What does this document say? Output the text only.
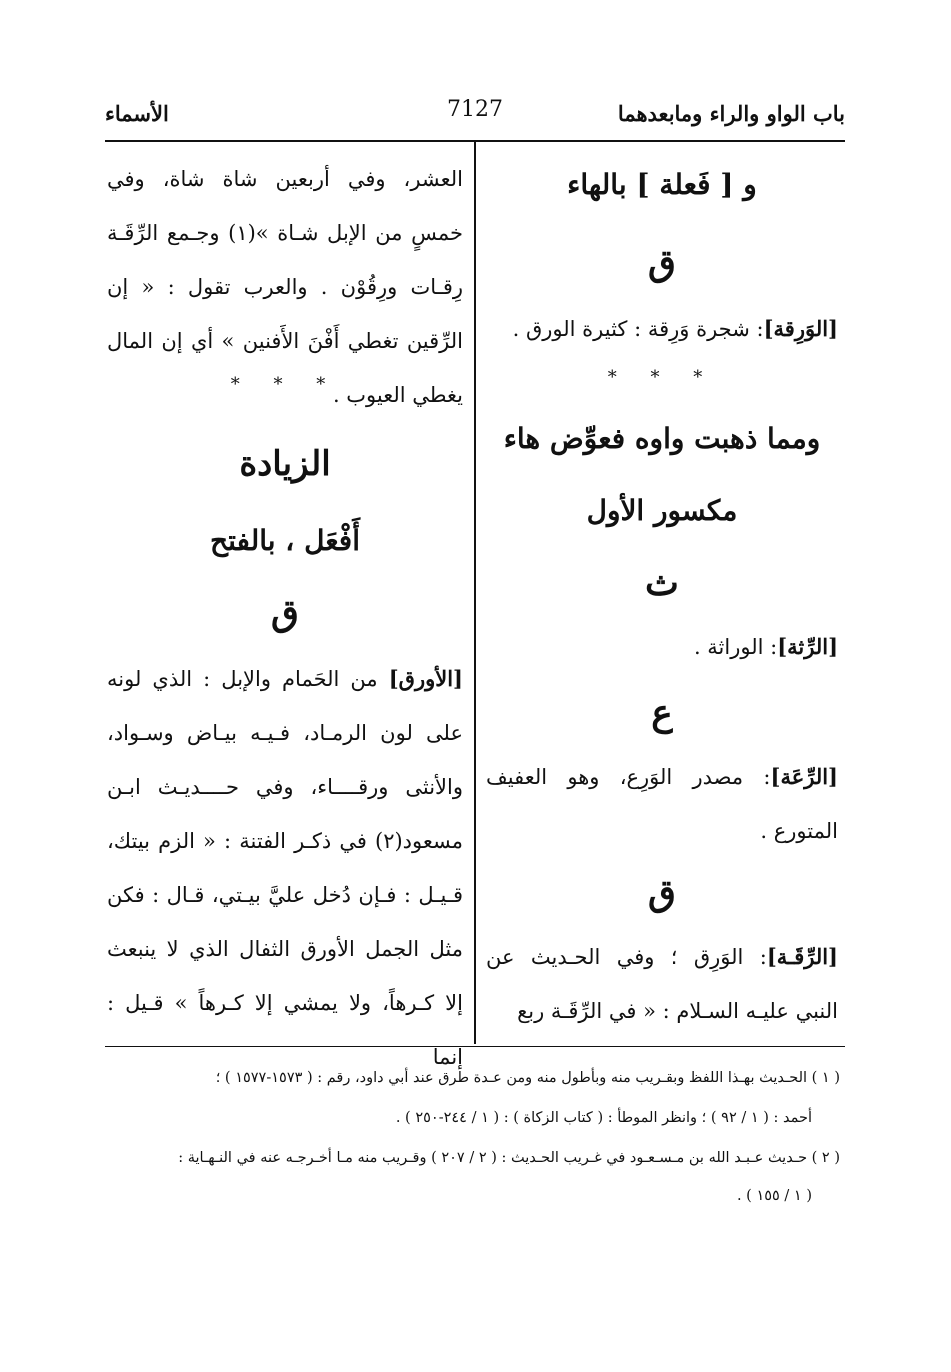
باب الواو والراء ومابعدهما
7127
الأسماء
و [ فَعلة ] بالهاء
ق

[الوَرِقة]: شجرة وَرِقة : كثيرة الورق .

* * *
ومما ذهبت واوه فعوِّض هاء
مكسور الأول
ث

[الرِّثة]: الوراثة .

ع

[الرِّعَة]: مصدر الوَرِع، وهو العفيف المتورع .

ق

[الرِّقَـة]: الوَرِق ؛ وفي الحـديث عن النبي عليـه السـلام : « في الرِّقَـة ربع

العشر، وفي أربعين شاة شاة، وفي خمسٍ من الإبل شـاة »(١) وجـمع الرِّقَـة رِقـات ورِقُوْن . والعرب تقول : « إن الرِّقين تغطي أَفْنَ الأَفنين » أي إن المال يغطي العيوب .

* * *
الزيادة
أَفْعَل ، بالفتح
ق

[الأورق] من الحَمام والإبل : الذي لونه على لون الرمـاد، فـيـه بيـاض وسـواد، والأنثى ورقــــاء، وفي حــــديـث ابـن مسعود(٢) في ذكـر الفتنة : « الزم بيتك، قـيـل : فـإن دُخل عليَّ بيـتي، قـال : فكن مثل الجمل الأورق الثفال الذي لا ينبعث إلا كـرهاً، ولا يمشي إلا كـرهاً » قـيل : إنما

( ١ ) الحـديث بهـذا اللفظ وبقـريب منه وبأطول منه ومن عـدة طرق عند أبي داود، رقم : ( ١٥٧٣-١٥٧٧ ) ؛
أحمد : ( ١ / ٩٢ ) ؛ وانظر الموطأ : ( كتاب الزكاة ) : ( ١ / ٢٤٤-٢٥٠ ) .
( ٢ ) حـديث عـبـد الله بن مـسـعـود في غـريب الحـديث : ( ٢ / ٢٠٧ ) وقـريب منه مـا أخـرجـه عنه في النـهـاية :
( ١ / ١٥٥ ) .
